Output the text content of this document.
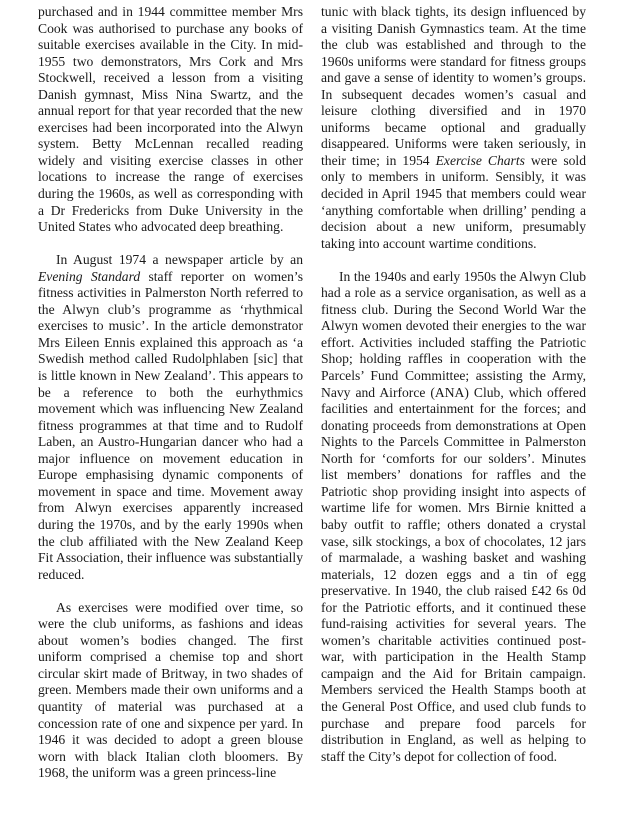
purchased and in 1944 committee member Mrs Cook was authorised to purchase any books of suitable exercises available in the City. In mid-1955 two demonstrators, Mrs Cork and Mrs Stockwell, received a lesson from a visiting Danish gymnast, Miss Nina Swartz, and the annual report for that year recorded that the new exercises had been incorporated into the Alwyn system. Betty McLennan recalled reading widely and visiting exercise classes in other locations to increase the range of exercises during the 1960s, as well as corresponding with a Dr Fredericks from Duke University in the United States who advocated deep breathing.

In August 1974 a newspaper article by an Evening Standard staff reporter on women’s fitness activities in Palmerston North referred to the Alwyn club’s programme as ‘rhythmical exercises to music’. In the article demonstrator Mrs Eileen Ennis explained this approach as ‘a Swedish method called Rudolphlaben [sic] that is little known in New Zealand’. This appears to be a reference to both the eurhythmics movement which was influencing New Zealand fitness programmes at that time and to Rudolf Laben, an Austro-Hungarian dancer who had a major influence on movement education in Europe emphasising dynamic components of movement in space and time. Movement away from Alwyn exercises apparently increased during the 1970s, and by the early 1990s when the club affiliated with the New Zealand Keep Fit Association, their influence was substantially reduced.

As exercises were modified over time, so were the club uniforms, as fashions and ideas about women’s bodies changed. The first uniform comprised a chemise top and short circular skirt made of Britway, in two shades of green. Members made their own uniforms and a quantity of material was purchased at a concession rate of one and sixpence per yard. In 1946 it was decided to adopt a green blouse worn with black Italian cloth bloomers. By 1968, the uniform was a green princess-line

tunic with black tights, its design influenced by a visiting Danish Gymnastics team. At the time the club was established and through to the 1960s uniforms were standard for fitness groups and gave a sense of identity to women’s groups. In subsequent decades women’s casual and leisure clothing diversified and in 1970 uniforms became optional and gradually disappeared. Uniforms were taken seriously, in their time; in 1954 Exercise Charts were sold only to members in uniform. Sensibly, it was decided in April 1945 that members could wear ‘anything comfortable when drilling’ pending a decision about a new uniform, presumably taking into account wartime conditions.

In the 1940s and early 1950s the Alwyn Club had a role as a service organisation, as well as a fitness club. During the Second World War the Alwyn women devoted their energies to the war effort. Activities included staffing the Patriotic Shop; holding raffles in cooperation with the Parcels’ Fund Committee; assisting the Army, Navy and Airforce (ANA) Club, which offered facilities and entertainment for the forces; and donating proceeds from demonstrations at Open Nights to the Parcels Committee in Palmerston North for ‘comforts for our solders’. Minutes list members’ donations for raffles and the Patriotic shop providing insight into aspects of wartime life for women. Mrs Birnie knitted a baby outfit to raffle; others donated a crystal vase, silk stockings, a box of chocolates, 12 jars of marmalade, a washing basket and washing materials, 12 dozen eggs and a tin of egg preservative. In 1940, the club raised £42 6s 0d for the Patriotic efforts, and it continued these fund-raising activities for several years. The women’s charitable activities continued post-war, with participation in the Health Stamp campaign and the Aid for Britain campaign. Members serviced the Health Stamps booth at the General Post Office, and used club funds to purchase and prepare food parcels for distribution in England, as well as helping to staff the City’s depot for collection of food.
